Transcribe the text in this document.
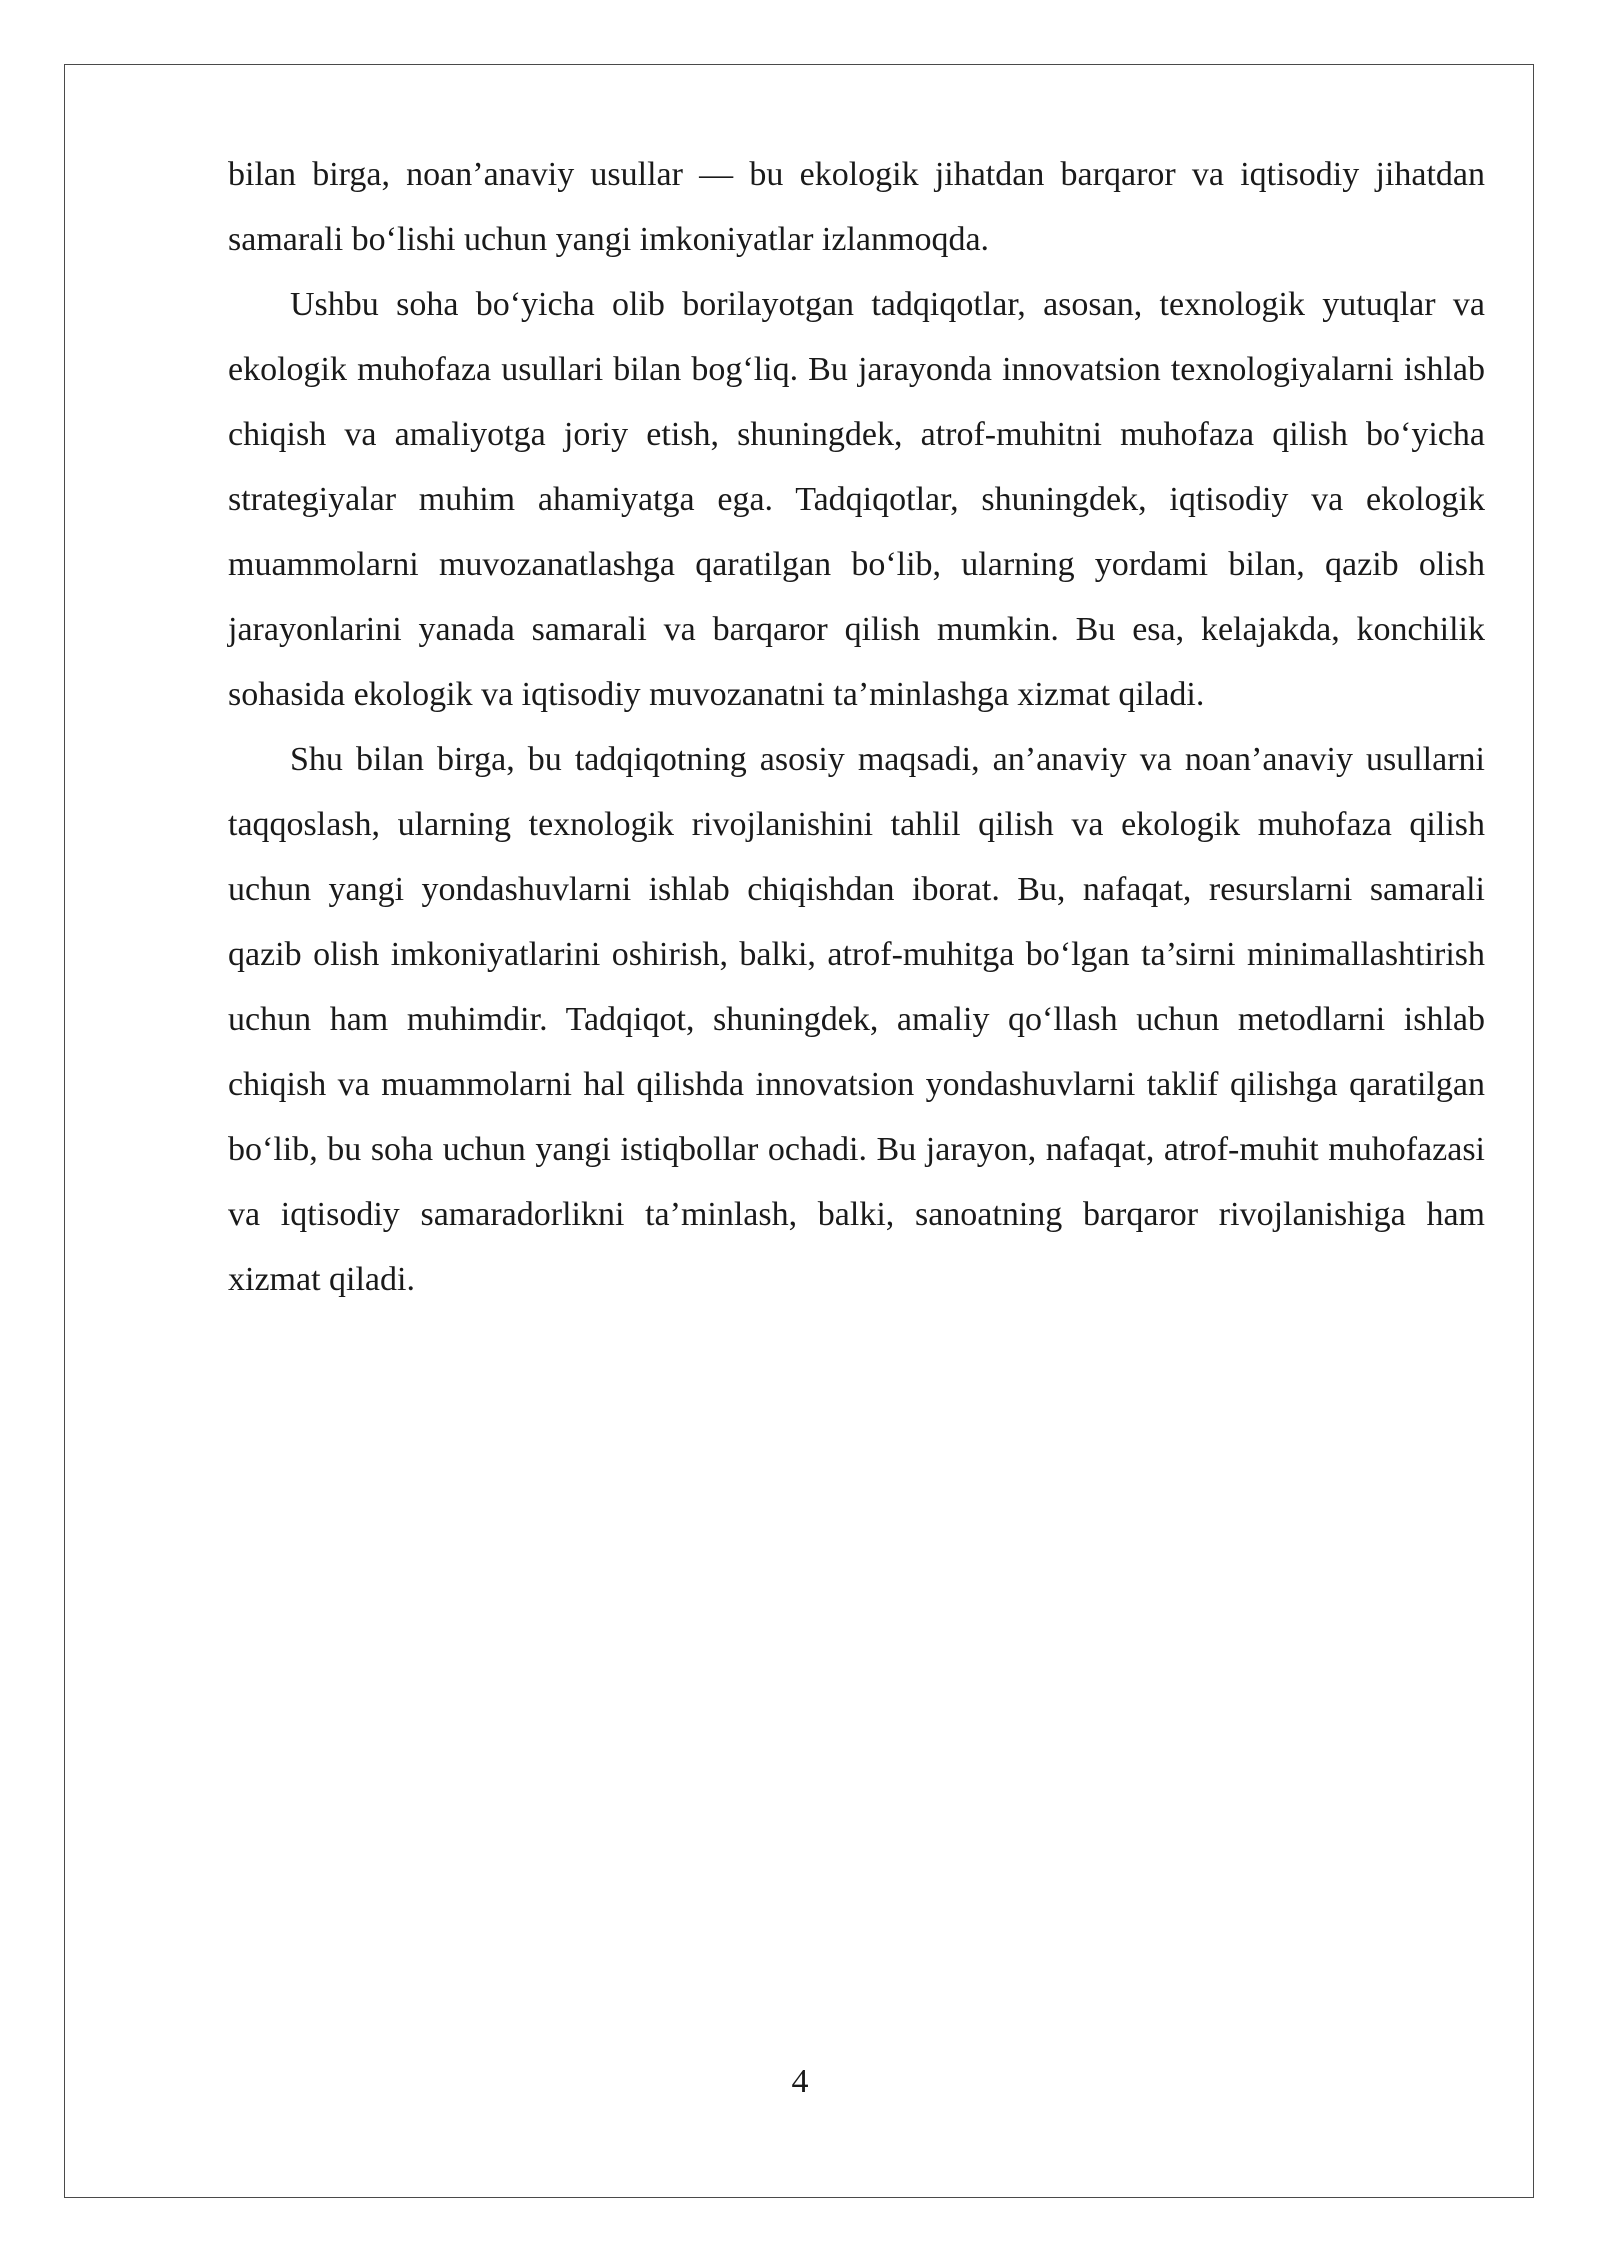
bilan birga, noan’anaviy usullar — bu ekologik jihatdan barqaror va iqtisodiy jihatdan samarali bo‘lishi uchun yangi imkoniyatlar izlanmoqda.

Ushbu soha bo‘yicha olib borilayotgan tadqiqotlar, asosan, texnologik yutuqlar va ekologik muhofaza usullari bilan bog‘liq. Bu jarayonda innovatsion texnologiyalarni ishlab chiqish va amaliyotga joriy etish, shuningdek, atrof-muhitni muhofaza qilish bo‘yicha strategiyalar muhim ahamiyatga ega. Tadqiqotlar, shuningdek, iqtisodiy va ekologik muammolarni muvozanatlashga qaratilgan bo‘lib, ularning yordami bilan, qazib olish jarayonlarini yanada samarali va barqaror qilish mumkin. Bu esa, kelajakda, konchilik sohasida ekologik va iqtisodiy muvozanatni ta’minlashga xizmat qiladi.

Shu bilan birga, bu tadqiqotning asosiy maqsadi, an’anaviy va noan’anaviy usullarni taqqoslash, ularning texnologik rivojlanishini tahlil qilish va ekologik muhofaza qilish uchun yangi yondashuvlarni ishlab chiqishdan iborat. Bu, nafaqat, resurslarni samarali qazib olish imkoniyatlarini oshirish, balki, atrof-muhitga bo‘lgan ta’sirni minimallashtirish uchun ham muhimdir. Tadqiqot, shuningdek, amaliy qo‘llash uchun metodlarni ishlab chiqish va muammolarni hal qilishda innovatsion yondashuvlarni taklif qilishga qaratilgan bo‘lib, bu soha uchun yangi istiqbollar ochadi. Bu jarayon, nafaqat, atrof-muhit muhofazasi va iqtisodiy samaradorlikni ta’minlash, balki, sanoatning barqaror rivojlanishiga ham xizmat qiladi.

4
